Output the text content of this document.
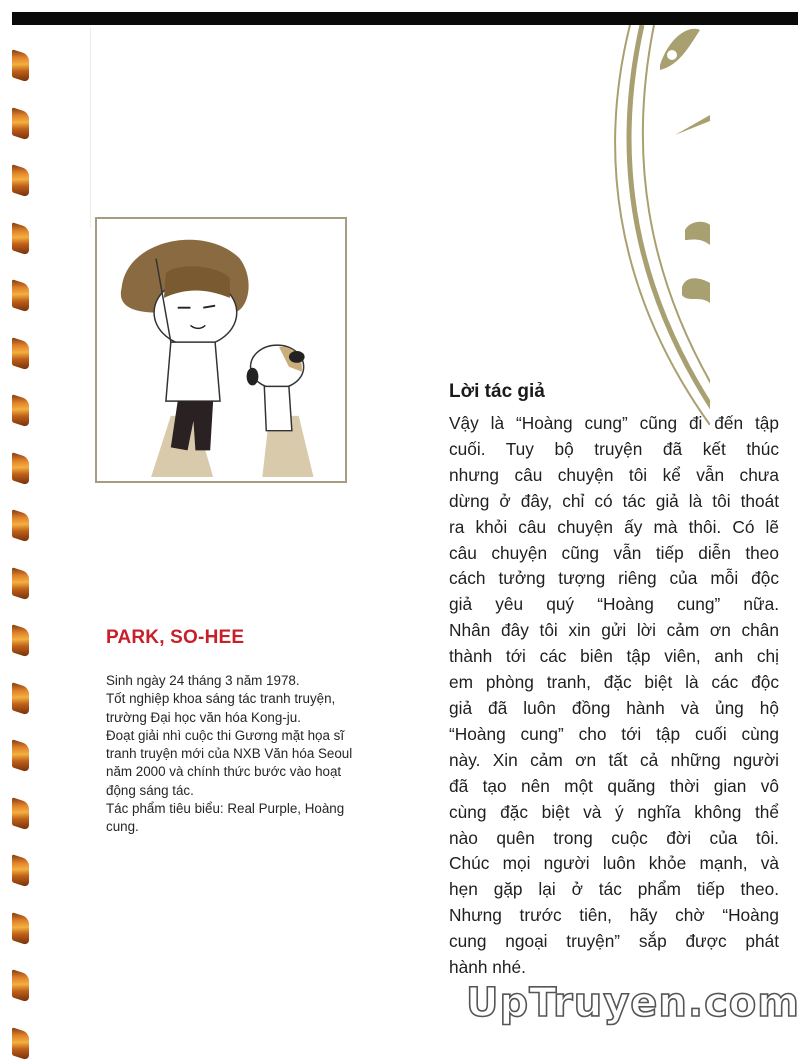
PARK, SO-HEE
Sinh ngày 24 tháng 3 năm 1978.
Tốt nghiệp khoa sáng tác tranh truyện,
trường Đại học văn hóa Kong-ju.
Đoạt giải nhì cuộc thi Gương mặt họa sĩ
tranh truyện mới của NXB Văn hóa Seoul
năm 2000 và chính thức bước vào hoạt
động sáng tác.
Tác phẩm tiêu biểu: Real Purple, Hoàng
cung.
Lời tác giả
Vậy là “Hoàng cung” cũng đi đến tập
cuối. Tuy bộ truyện đã kết thúc
nhưng câu chuyện tôi kể vẫn chưa
dừng ở đây, chỉ có tác giả là tôi thoát
ra khỏi câu chuyện ấy mà thôi. Có lẽ
câu chuyện cũng vẫn tiếp diễn theo
cách tưởng tượng riêng của mỗi độc
giả yêu quý “Hoàng cung” nữa.
Nhân đây tôi xin gửi lời cảm ơn chân
thành tới các biên tập viên, anh chị
em phòng tranh, đặc biệt là các độc
giả đã luôn đồng hành và ủng hộ
“Hoàng cung” cho tới tập cuối cùng
này. Xin cảm ơn tất cả những người
đã tạo nên một quãng thời gian vô
cùng đặc biệt và ý nghĩa không thể
nào quên trong cuộc đời của tôi.
Chúc mọi người luôn khỏe mạnh, và
hẹn gặp lại ở tác phẩm tiếp theo.
Nhưng trước tiên, hãy chờ “Hoàng
cung ngoại truyện” sắp được phát
hành nhé.
UpTruyen.com
